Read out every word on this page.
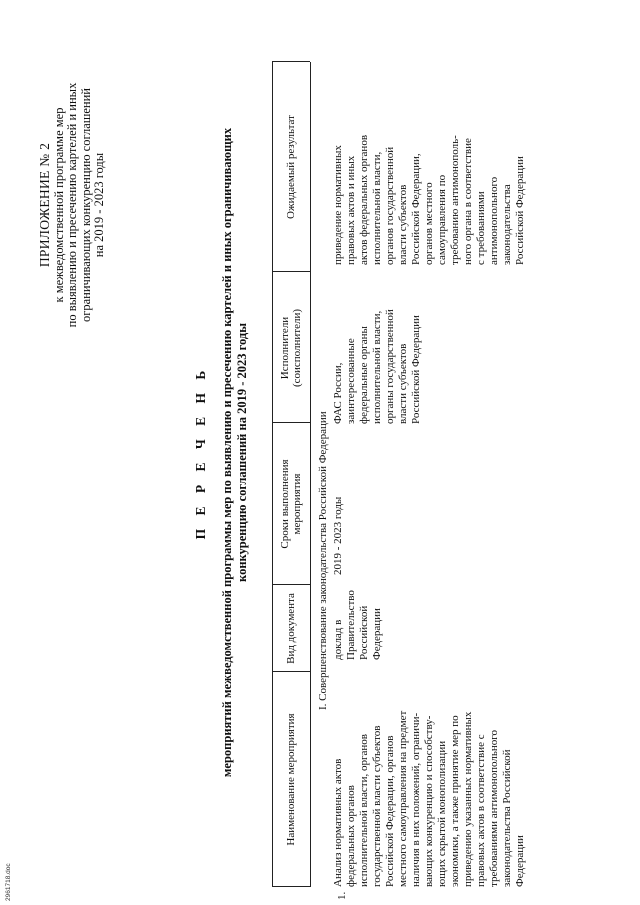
2961718.doc
ПРИЛОЖЕНИЕ № 2 к межведомственной программе мер по выявлению и пресечению картелей и иных ограничивающих конкуренцию соглашений на 2019 - 2023 годы
П Е Р Е Ч Е Н Ь мероприятий межведомственной программы мер по выявлению и пресечению картелей и иных ограничивающих конкуренцию соглашений на 2019 - 2023 годы
Наименование мероприятия
Вид документа
Сроки выполнения мероприятия
Исполнители (соисполнители)
Ожидаемый результат
I. Совершенствование законодательства Российской Федерации
1.
Анализ нормативных актов
федеральных органов
исполнительной власти, органов
государственной власти субъектов
Российской Федерации, органов
местного самоуправления на предмет
наличия в них положений, ограничи-
вающих конкуренцию и способству-
ющих скрытой монополизации
экономики, а также принятие мер по
приведению указанных нормативных
правовых актов в соответствие с
требованиями антимонопольного
законодательства Российской
Федерации
доклад в
Правительство
Российской
Федерации
2019 - 2023 годы
ФАС России,
заинтересованные
федеральные органы
исполнительной власти,
органы государственной
власти субъектов
Российской Федерации
приведение нормативных
правовых актов и иных
актов федеральных органов
исполнительной власти,
органов государственной
власти субъектов
Российской Федерации,
органов местного
самоуправления по
требованию антимонополь-
ного органа в соответствие
с требованиями
антимонопольного
законодательства
Российской Федерации
